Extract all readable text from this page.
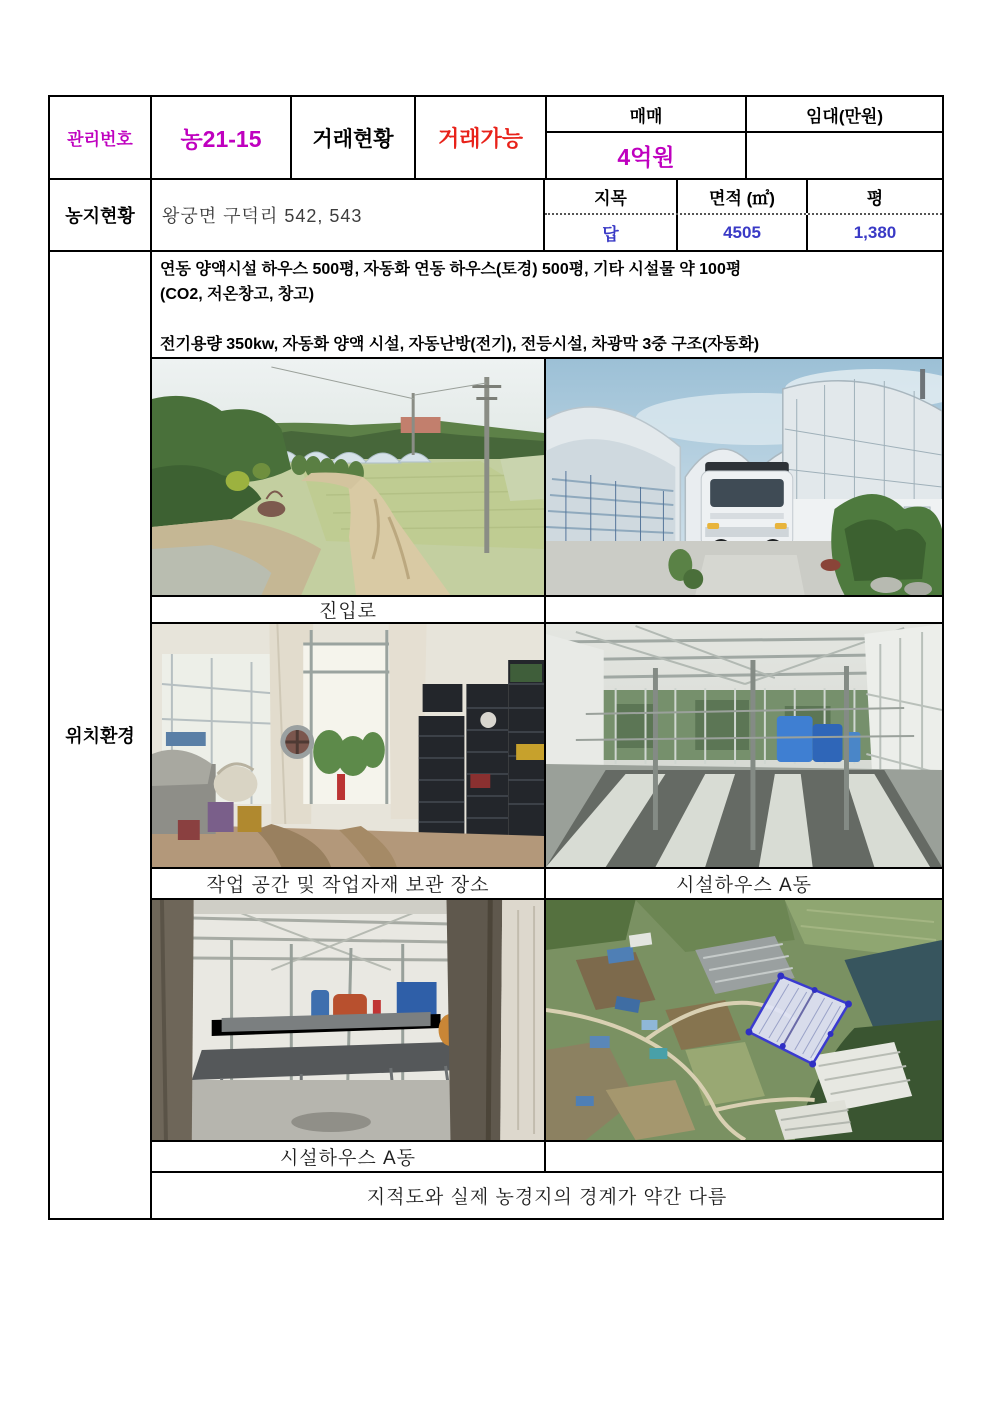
관리번호	농21-15	거래현황	거래가능
매매	임대(만원)
4억원
농지현황	왕궁면 구덕리 542, 543
지목	면적 (㎡)	평
답	4505	1,380
위치환경
연동 양액시설 하우스 500평, 자동화 연동 하우스(토경) 500평, 기타 시설물 약 100평
(CO2, 저온창고, 창고)
전기용량 350kw, 자동화 양액 시설, 자동난방(전기), 전등시설, 차광막 3중 구조(자동화)
진입로
작업 공간 및 작업자재 보관 장소	시설하우스 A동
시설하우스 A동
지적도와 실제 농경지의 경계가 약간 다름
